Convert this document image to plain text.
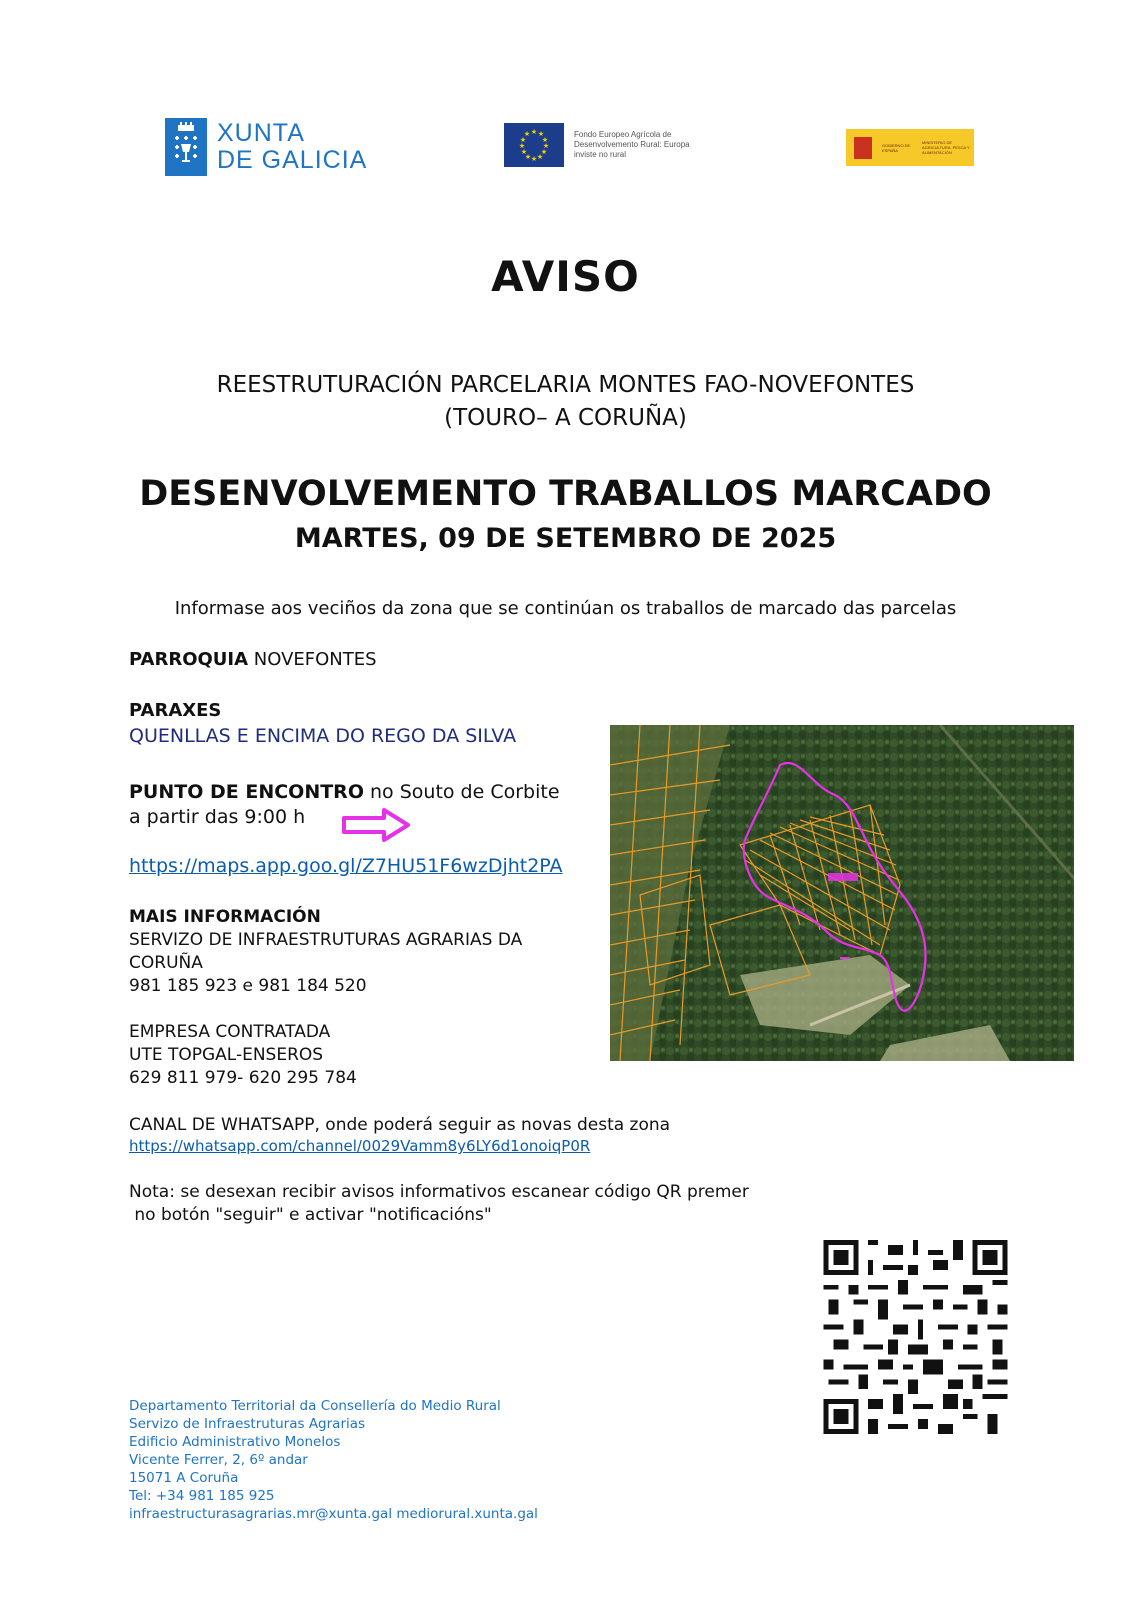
XUNTA
DE GALICIA
★ ★
★
★
★
★
★
★
★
★
★
★	Fondo Europeo Agrícola de Desenvolvemento Rural: Europa inviste no rural
GOBIERNO DE ESPAÑA
MINISTERIO DE AGRICULTURA, PESCA Y ALIMENTACIÓN
AVISO
REESTRUTURACIÓN PARCELARIA MONTES FAO-NOVEFONTES
(TOURO– A CORUÑA)
DESENVOLVEMENTO TRABALLOS MARCADO
MARTES, 09 DE SETEMBRO DE 2025
Informase aos veciños da zona que se continúan os traballos de marcado das parcelas
PARROQUIA NOVEFONTES
PARAXES
QUENLLAS E ENCIMA DO REGO DA SILVA
PUNTO DE ENCONTRO no Souto de Corbite
a partir das 9:00 h
https://maps.app.goo.gl/Z7HU51F6wzDjht2PA
MAIS INFORMACIÓN
SERVIZO DE INFRAESTRUTURAS AGRARIAS DA
CORUÑA
981 185 923 e 981 184 520
EMPRESA CONTRATADA
UTE TOPGAL-ENSEROS
629 811 979- 620 295 784
CANAL DE WHATSAPP, onde poderá seguir as novas desta zona
https://whatsapp.com/channel/0029Vamm8y6LY6d1onoiqP0R
Nota: se desexan recibir avisos informativos escanear código QR premer
no botón "seguir" e activar "notificacións"
Departamento Territorial da Consellería do Medio Rural
Servizo de Infraestruturas Agrarias
Edificio Administrativo Monelos
Vicente Ferrer, 2, 6º andar
15071 A Coruña
Tel: +34 981 185 925
infraestructurasagrarias.mr@xunta.gal mediorural.xunta.gal
